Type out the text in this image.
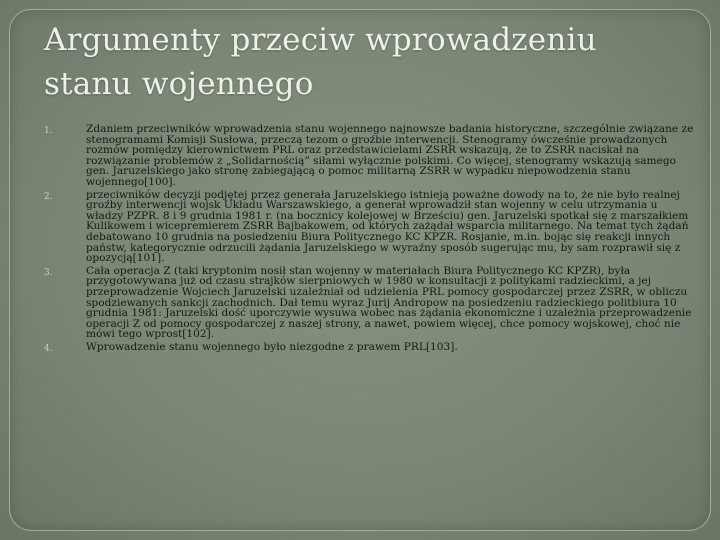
Argumenty przeciw wprowadzeniu stanu wojennego
1.	Zdaniem przeciwników wprowadzenia stanu wojennego najnowsze badania historyczne, szczególnie związane ze stenogramami Komisji Susłowa, przeczą tezom o groźbie interwencji. Stenogramy ówcześnie prowadzonych rozmów pomiędzy kierownictwem PRL oraz przedstawicielami ZSRR wskazują, że to ZSRR naciskał na rozwiązanie problemów z „Solidarnością” siłami wyłącznie polskimi. Co więcej, stenogramy wskazują samego gen. Jaruzelskiego jako stronę zabiegającą o pomoc militarną ZSRR w wypadku niepowodzenia stanu wojennego[100].
2.	przeciwników decyzji podjętej przez generała Jaruzelskiego istnieją poważne dowody na to, że nie było realnej groźby interwencji wojsk Układu Warszawskiego, a generał wprowadził stan wojenny w celu utrzymania u władzy PZPR. 8 i 9 grudnia 1981 r. (na bocznicy kolejowej w Brześciu) gen. Jaruzelski spotkał się z marszałkiem Kulikowem i wicepremierem ZSRR Bajbakowem, od których zażądał wsparcia militarnego. Na temat tych żądań debatowano 10 grudnia na posiedzeniu Biura Politycznego KC KPZR. Rosjanie, m.in. bojąc się reakcji innych państw, kategorycznie odrzucili żądania Jaruzelskiego w wyraźny sposób sugerując mu, by sam rozprawił się z opozycją[101].
3.	Cała operacja Z (taki kryptonim nosił stan wojenny w materiałach Biura Politycznego KC KPZR), była przygotowywana już od czasu strajków sierpniowych w 1980 w konsultacji z politykami radzieckimi, a jej przeprowadzenie Wojciech Jaruzelski uzależniał od udzielenia PRL pomocy gospodarczej przez ZSRR, w obliczu spodziewanych sankcji zachodnich. Dał temu wyraz Jurij Andropow na posiedzeniu radzieckiego politbiura 10 grudnia 1981: Jaruzelski dość uporczywie wysuwa wobec nas żądania ekonomiczne i uzależnia przeprowadzenie operacji Z od pomocy gospodarczej z naszej strony, a nawet, powiem więcej, chce pomocy wojskowej, choć nie mówi tego wprost[102].
4.	Wprowadzenie stanu wojennego było niezgodne z prawem PRL[103].
